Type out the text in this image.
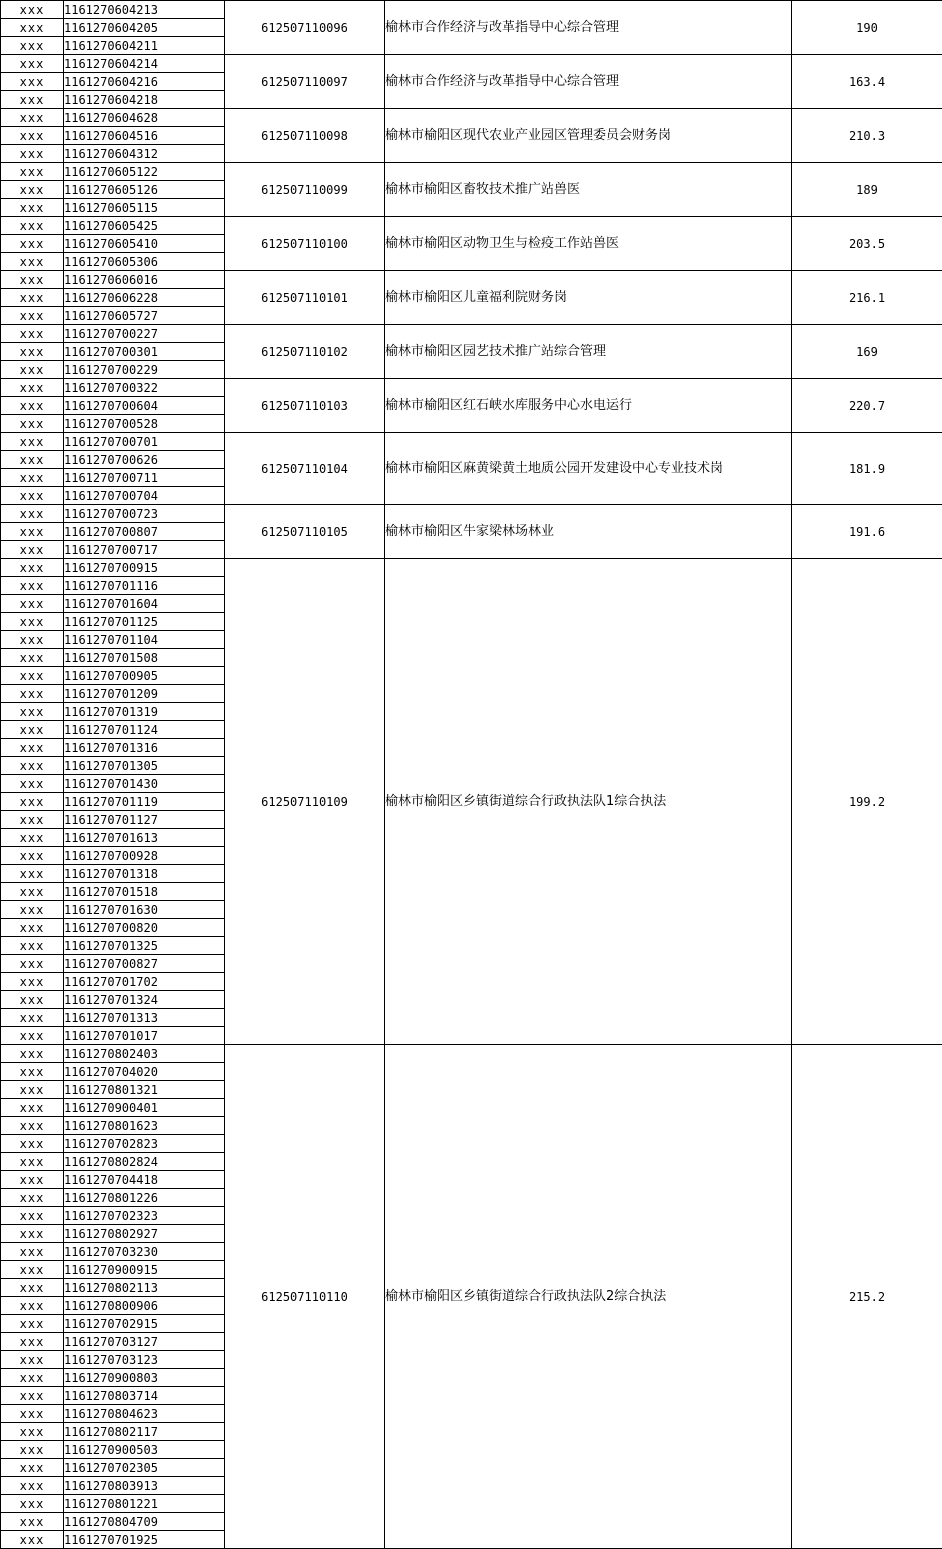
xxx	1161270604213	612507110096	榆林市合作经济与改革指导中心综合管理	190
xxx	1161270604205			
xxx	1161270604211			
xxx	1161270604214	612507110097	榆林市合作经济与改革指导中心综合管理	163.4
xxx	1161270604216			
xxx	1161270604218			
xxx	1161270604628	612507110098	榆林市榆阳区现代农业产业园区管理委员会财务岗	210.3
xxx	1161270604516			
xxx	1161270604312			
xxx	1161270605122	612507110099	榆林市榆阳区畜牧技术推广站兽医	189
xxx	1161270605126			
xxx	1161270605115			
xxx	1161270605425	612507110100	榆林市榆阳区动物卫生与检疫工作站兽医	203.5
xxx	1161270605410			
xxx	1161270605306			
xxx	1161270606016	612507110101	榆林市榆阳区儿童福利院财务岗	216.1
xxx	1161270606228			
xxx	1161270605727			
xxx	1161270700227	612507110102	榆林市榆阳区园艺技术推广站综合管理	169
xxx	1161270700301			
xxx	1161270700229			
xxx	1161270700322	612507110103	榆林市榆阳区红石峡水库服务中心水电运行	220.7
xxx	1161270700604			
xxx	1161270700528			
xxx	1161270700701	612507110104	榆林市榆阳区麻黄梁黄土地质公园开发建设中心专业技术岗	181.9
xxx	1161270700626			
xxx	1161270700711			
xxx	1161270700704			
xxx	1161270700723	612507110105	榆林市榆阳区牛家梁林场林业	191.6
xxx	1161270700807			
xxx	1161270700717			
xxx	1161270700915	612507110109	榆林市榆阳区乡镇街道综合行政执法队1综合执法	199.2
xxx	1161270701116			
xxx	1161270701604			
xxx	1161270701125			
xxx	1161270701104			
xxx	1161270701508			
xxx	1161270700905			
xxx	1161270701209			
xxx	1161270701319			
xxx	1161270701124			
xxx	1161270701316			
xxx	1161270701305			
xxx	1161270701430			
xxx	1161270701119			
xxx	1161270701127			
xxx	1161270701613			
xxx	1161270700928			
xxx	1161270701318			
xxx	1161270701518			
xxx	1161270701630			
xxx	1161270700820			
xxx	1161270701325			
xxx	1161270700827			
xxx	1161270701702			
xxx	1161270701324			
xxx	1161270701313			
xxx	1161270701017			
xxx	1161270802403	612507110110	榆林市榆阳区乡镇街道综合行政执法队2综合执法	215.2
xxx	1161270704020			
xxx	1161270801321			
xxx	1161270900401			
xxx	1161270801623			
xxx	1161270702823			
xxx	1161270802824			
xxx	1161270704418			
xxx	1161270801226			
xxx	1161270702323			
xxx	1161270802927			
xxx	1161270703230			
xxx	1161270900915			
xxx	1161270802113			
xxx	1161270800906			
xxx	1161270702915			
xxx	1161270703127			
xxx	1161270703123			
xxx	1161270900803			
xxx	1161270803714			
xxx	1161270804623			
xxx	1161270802117			
xxx	1161270900503			
xxx	1161270702305			
xxx	1161270803913			
xxx	1161270801221			
xxx	1161270804709			
xxx	1161270701925			
